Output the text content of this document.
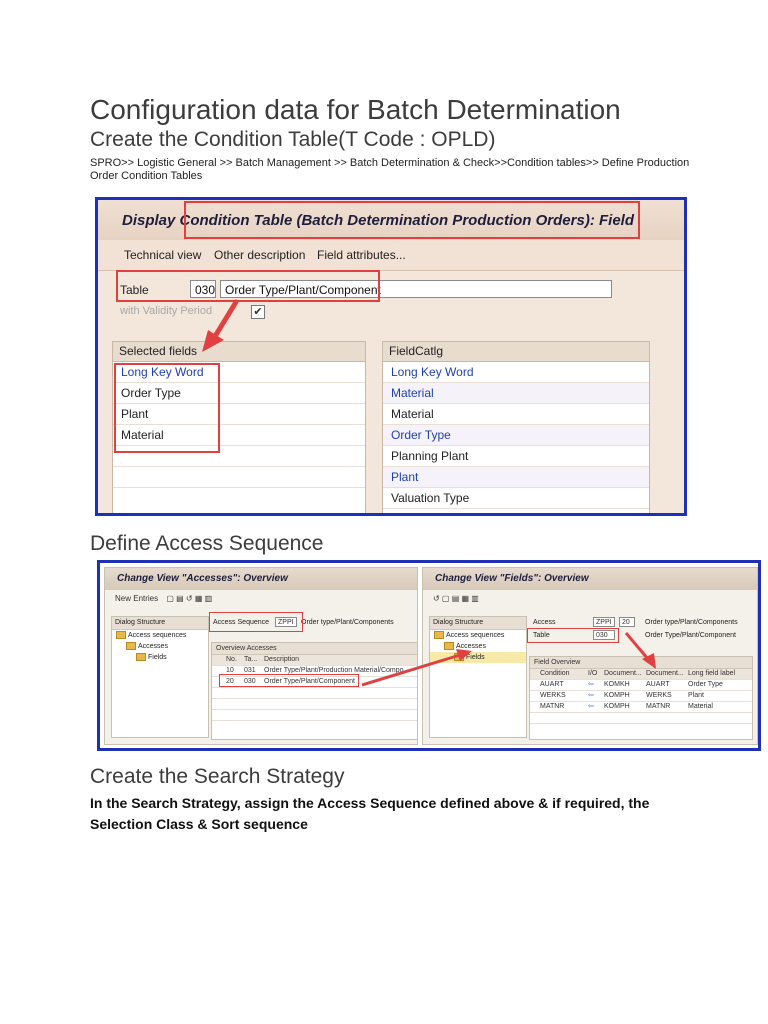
Configuration data for Batch Determination
Create the Condition Table(T Code : OPLD)
SPRO>> Logistic General >> Batch Management >> Batch Determination & Check>>Condition tables>> Define Production Order Condition Tables
Display Condition Table (Batch Determination Production Orders): Field
Technical view Other description Field attributes...
Table	030 Order Type/Plant/Component
with Validity Period	✔
Selected fields
Long Key Word
Order Type
Plant
Material
FieldCatlg
Long Key Word
Material
Material
Order Type
Planning Plant
Plant
Valuation Type
Define Access Sequence
Change View "Accesses": Overview
New Entries ▢ ▤ ↺ ▦ ▥
Dialog Structure
Access sequences
Accesses
Fields
Access Sequence	ZPPI	Order type/Plant/Components
Overview Accesses
No. Ta... Description
10 031 Order Type/Plant/Production Material/Compo
20 030 Order Type/Plant/Component
Change View "Fields": Overview
↺ ▢ ▤ ▦ ▥
Dialog Structure
Access sequences
Accesses
Fields
Access	ZPPI	20	Order type/Plant/Components
Table	030	Order Type/Plant/Component
Field Overview
Condition	I/O Document... Document... Long field label
AUART	⇦ KOMKH AUART	Order Type
WERKS	⇦ KOMPH WERKS Plant
MATNR	⇦ KOMPH MATNR	Material
Create the Search Strategy
In the Search Strategy, assign the Access Sequence defined above & if required, the Selection Class & Sort sequence
